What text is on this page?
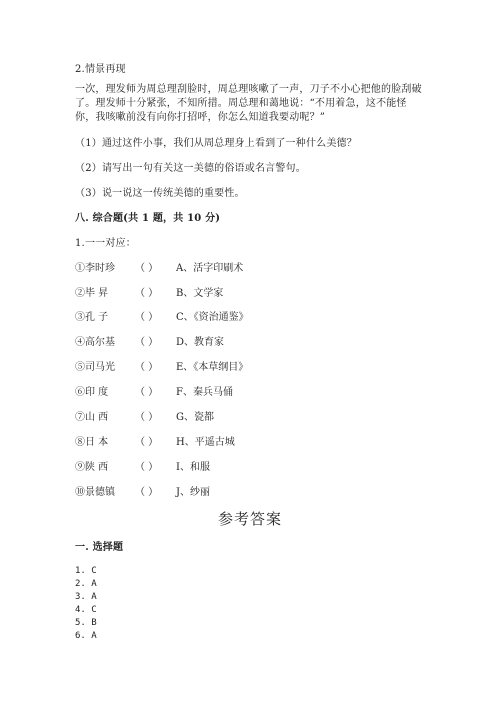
2.情景再现
一次，理发师为周总理刮脸时，周总理咳嗽了一声，刀子不小心把他的脸刮破
了。理发师十分紧张，不知所措。周总理和蔼地说：“不用着急，这不能怪
你，我咳嗽前没有向你打招呼，你怎么知道我要动呢？”
（1）通过这件小事，我们从周总理身上看到了一种什么美德？
（2）请写出一句有关这一美德的俗语或名言警句。
（3）说一说这一传统美德的重要性。
八. 综合题(共 1 题，共 10 分)
1.一一对应：
①李时珍 （ ） A、活字印刷术
②毕 昇	（ ） B、文学家
③孔 子	（ ） C、《资治通鉴》
④高尔基 （ ） D、教育家
⑤司马光 （ ） E、《本草纲目》
⑥印 度	（ ） F、秦兵马俑
⑦山 西	（ ） G、瓷都
⑧日 本	（ ） H、平遥古城
⑨陕 西	（ ） I、和服
⑩景德镇 （ ） J、纱丽
参考答案
一. 选择题
1. C
2. A
3. A
4. C
5. B
6. A
